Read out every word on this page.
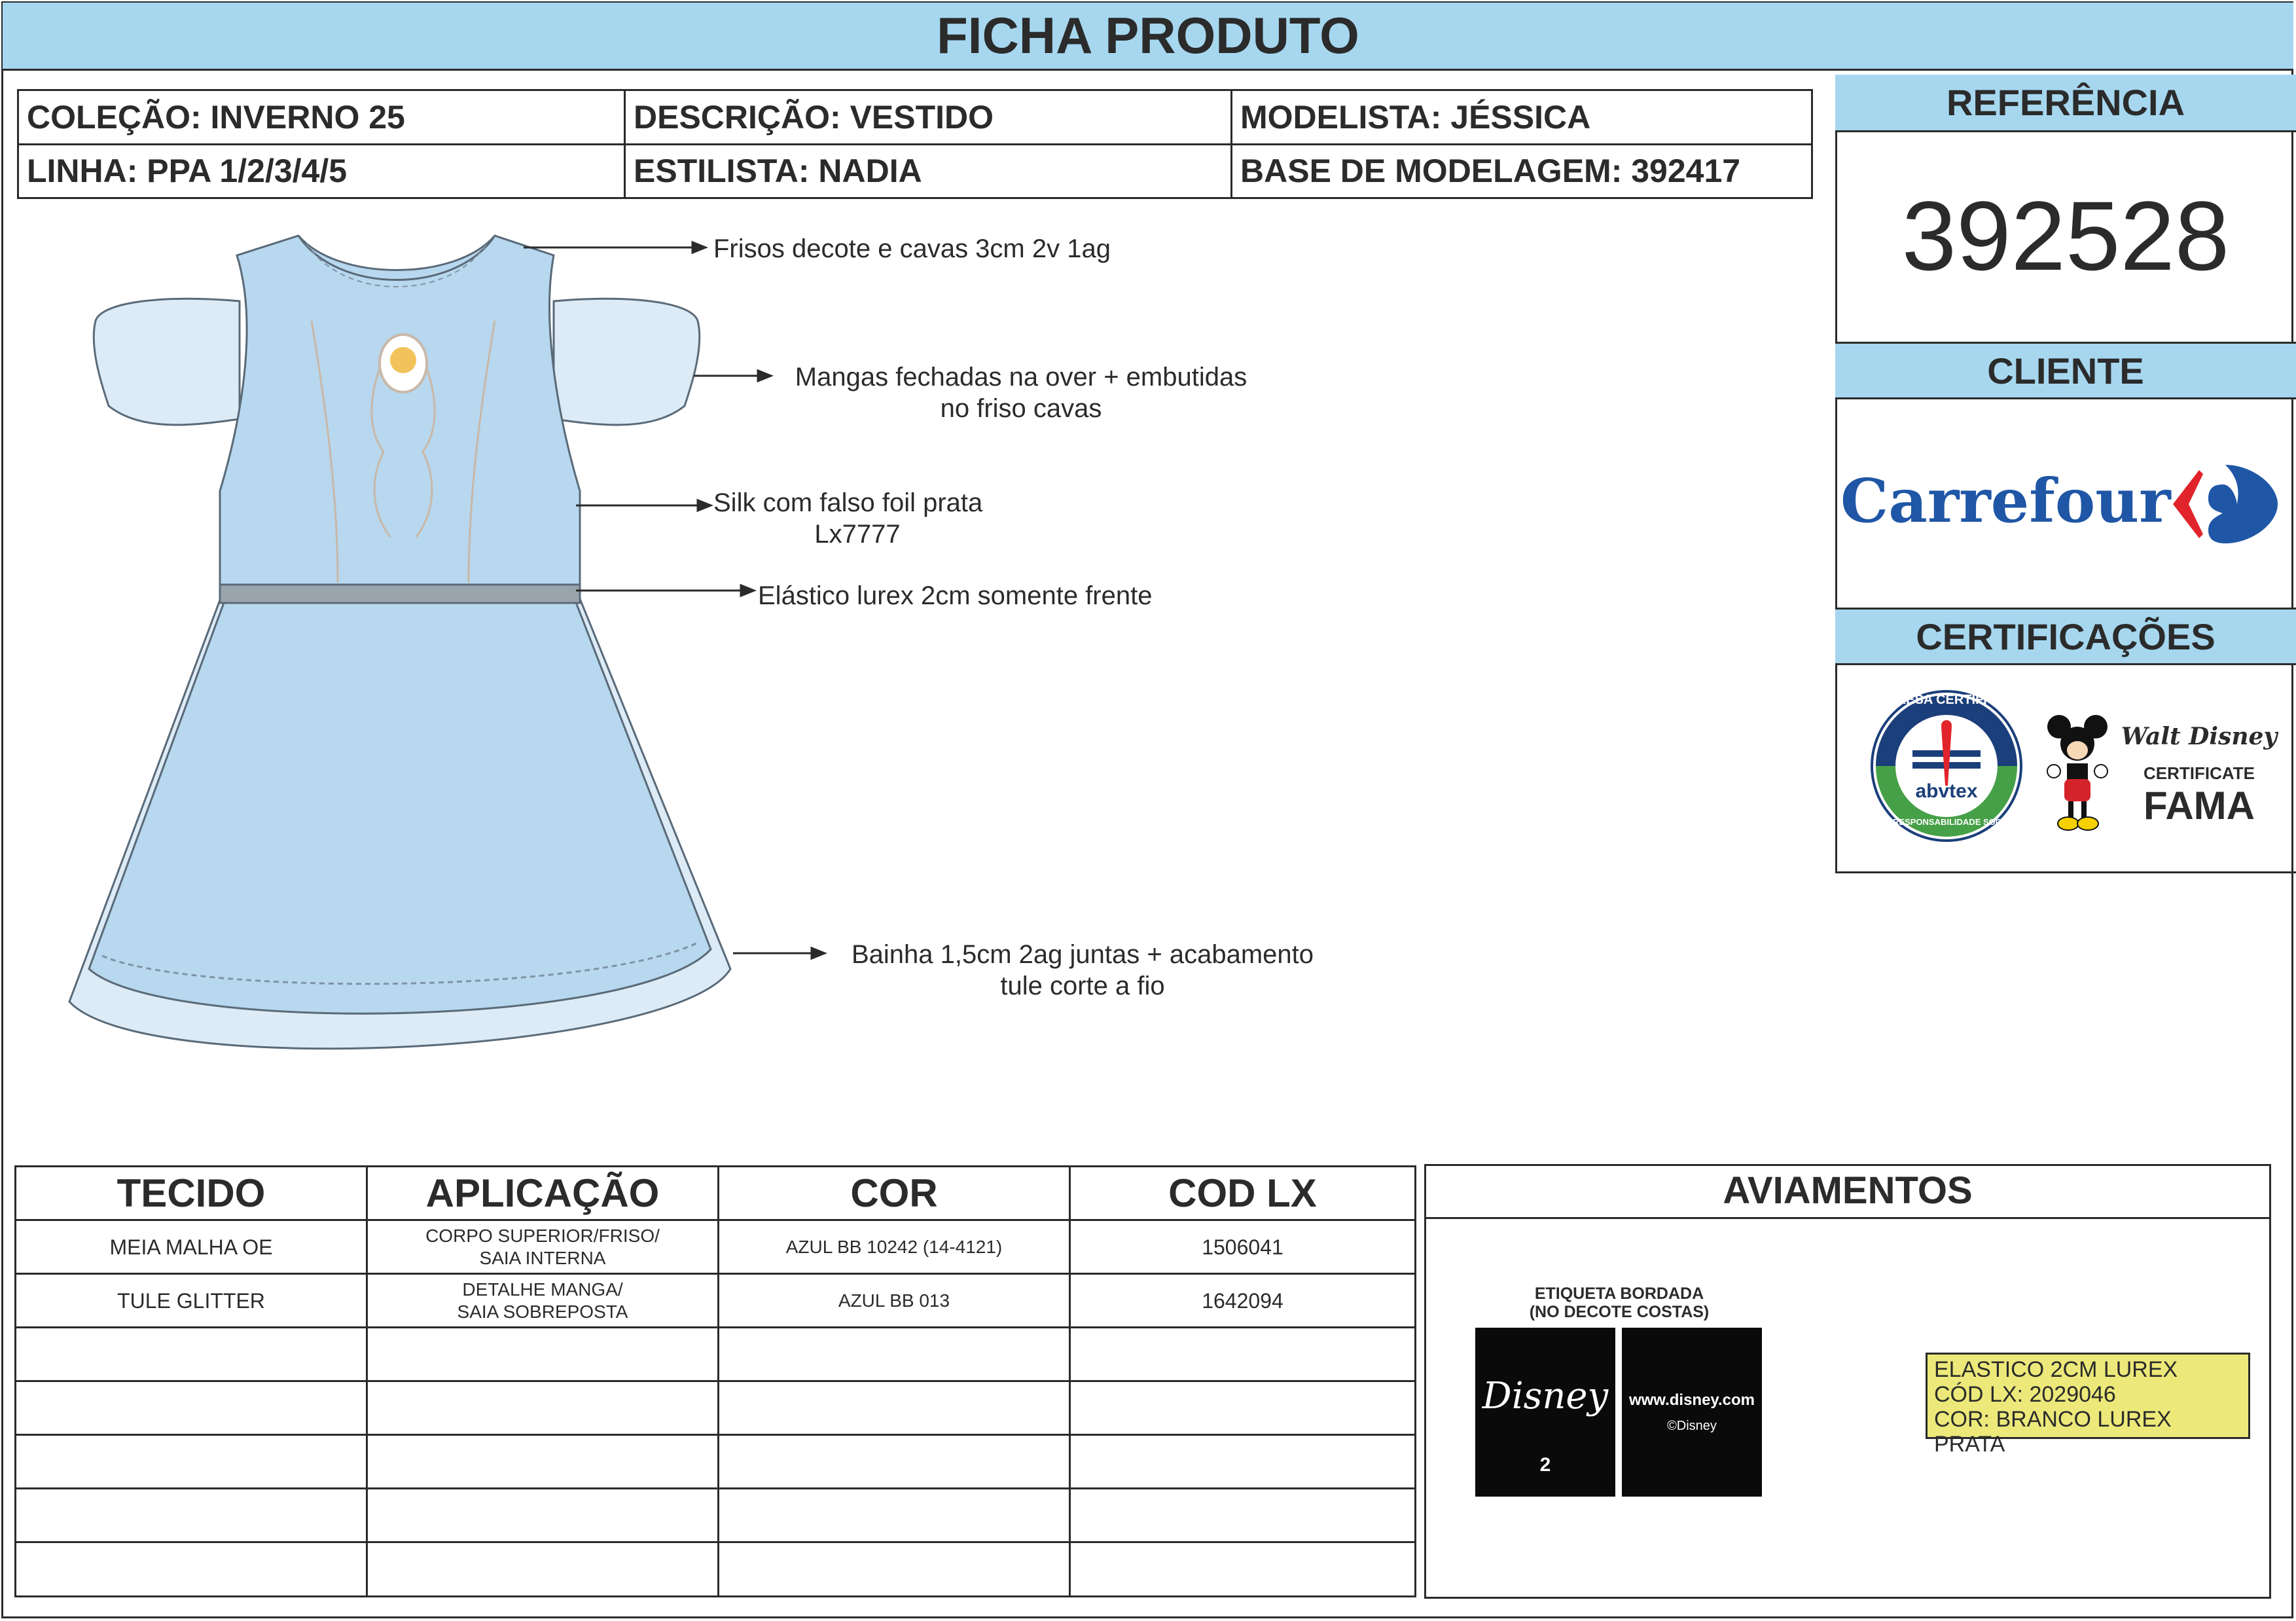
FICHA PRODUTO
COLEÇÃO: INVERNO 25	DESCRIÇÃO: VESTIDO	MODELISTA: JÉSSICA
LINHA: PPA 1/2/3/4/5	ESTILISTA: NADIA	BASE DE MODELAGEM: 392417
REFERÊNCIA
392528
CLIENTE
Carrefour
CERTIFICAÇÕES
EMPRESA CERTIFICADA
abvtex
EM RESPONSABILIDADE SOCIAL
Walt Disney
CERTIFICATE
FAMA
Frisos decote e cavas 3cm 2v 1ag
Mangas fechadas na over + embutidas
no friso cavas
Silk com falso foil prata
Lx7777
Elástico lurex 2cm somente frente
Bainha 1,5cm 2ag juntas + acabamento
tule corte a fio
TECIDO	APLICAÇÃO	COR	COD LX
MEIA MALHA OE	CORPO SUPERIOR/FRISO/
SAIA INTERNA	AZUL BB 10242 (14-4121)	1506041
TULE GLITTER	DETALHE MANGA/
SAIA SOBREPOSTA	AZUL BB 013	1642094

AVIAMENTOS
ETIQUETA BORDADA
(NO DECOTE COSTAS)
Disney
2
www.disney.com
©Disney
ELASTICO 2CM LUREX
CÓD LX: 2029046
COR: BRANCO LUREX PRATA
